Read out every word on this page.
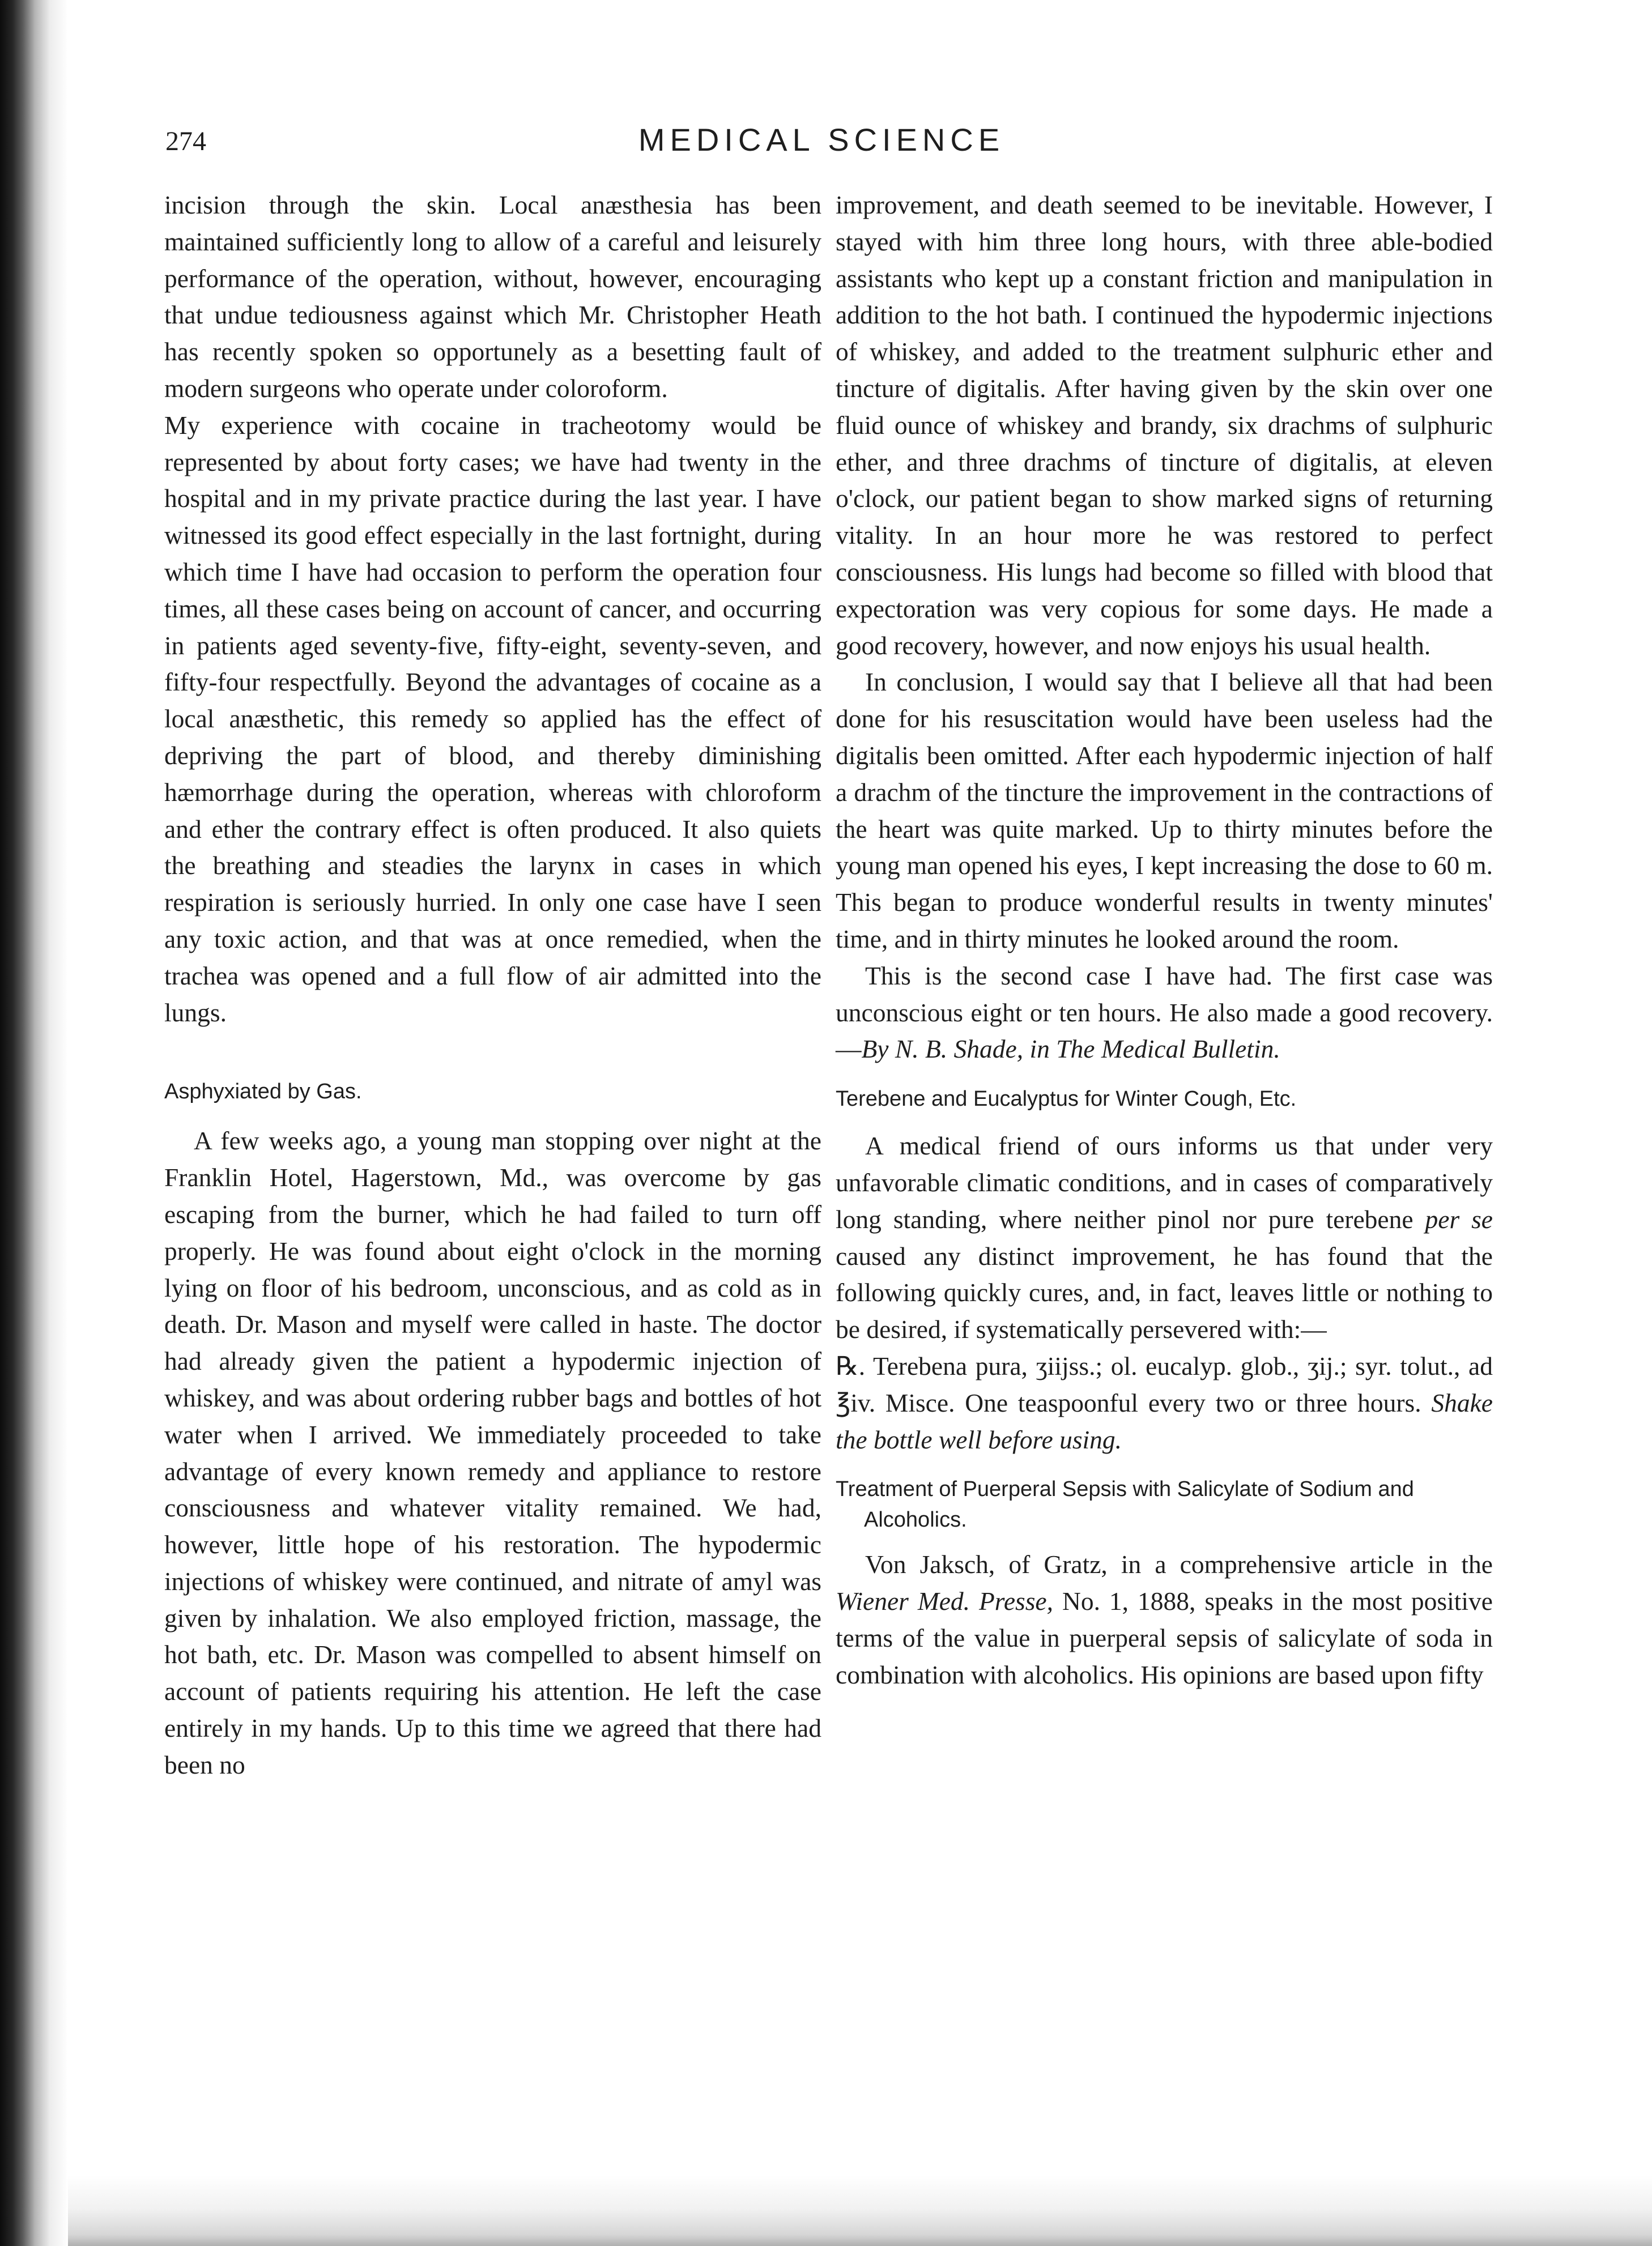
274	MEDICAL SCIENCE

incision through the skin. Local anæsthesia has been maintained sufficiently long to allow of a careful and leisurely performance of the operation, without, however, encouraging that undue tediousness against which Mr. Christopher Heath has recently spoken so opportunely as a besetting fault of modern surgeons who operate under coloroform.

My experience with cocaine in tracheotomy would be represented by about forty cases; we have had twenty in the hospital and in my private practice during the last year. I have witnessed its good effect especially in the last fortnight, during which time I have had occasion to perform the operation four times, all these cases being on account of cancer, and occurring in patients aged seventy-five, fifty-eight, seventy-seven, and fifty-four respectfully. Beyond the advantages of cocaine as a local anæsthetic, this remedy so applied has the effect of depriving the part of blood, and thereby diminishing hæmorrhage during the operation, whereas with chloroform and ether the contrary effect is often produced. It also quiets the breathing and steadies the larynx in cases in which respiration is seriously hurried. In only one case have I seen any toxic action, and that was at once remedied, when the trachea was opened and a full flow of air admitted into the lungs.

Asphyxiated by Gas.

A few weeks ago, a young man stopping over night at the Franklin Hotel, Hagerstown, Md., was overcome by gas escaping from the burner, which he had failed to turn off properly. He was found about eight o'clock in the morning lying on floor of his bedroom, unconscious, and as cold as in death. Dr. Mason and myself were called in haste. The doctor had already given the patient a hypodermic injection of whiskey, and was about ordering rubber bags and bottles of hot water when I arrived. We immediately proceeded to take advantage of every known remedy and appliance to restore consciousness and whatever vitality remained. We had, however, little hope of his restoration. The hypodermic injections of whiskey were continued, and nitrate of amyl was given by inhalation. We also employed friction, massage, the hot bath, etc. Dr. Mason was compelled to absent himself on account of patients requiring his attention. He left the case entirely in my hands. Up to this time we agreed that there had been no

improvement, and death seemed to be inevitable. However, I stayed with him three long hours, with three able-bodied assistants who kept up a constant friction and manipulation in addition to the hot bath. I continued the hypodermic injections of whiskey, and added to the treatment sulphuric ether and tincture of digitalis. After having given by the skin over one fluid ounce of whiskey and brandy, six drachms of sulphuric ether, and three drachms of tincture of digitalis, at eleven o'clock, our patient began to show marked signs of returning vitality. In an hour more he was restored to perfect consciousness. His lungs had become so filled with blood that expectoration was very copious for some days. He made a good recovery, however, and now enjoys his usual health.

In conclusion, I would say that I believe all that had been done for his resuscitation would have been useless had the digitalis been omitted. After each hypodermic injection of half a drachm of the tincture the improvement in the contractions of the heart was quite marked. Up to thirty minutes before the young man opened his eyes, I kept increasing the dose to 60 m. This began to produce wonderful results in twenty minutes' time, and in thirty minutes he looked around the room.

This is the second case I have had. The first case was unconscious eight or ten hours. He also made a good recovery.—By N. B. Shade, in The Medical Bulletin.

Terebene and Eucalyptus for Winter Cough, Etc.

A medical friend of ours informs us that under very unfavorable climatic conditions, and in cases of comparatively long standing, where neither pinol nor pure terebene per se caused any distinct improvement, he has found that the following quickly cures, and, in fact, leaves little or nothing to be desired, if systematically persevered with:—

℞. Terebena pura, ʒiijss.; ol. eucalyp. glob., ʒij.; syr. tolut., ad ℥iv. Misce. One teaspoonful every two or three hours. Shake the bottle well before using.

Treatment of Puerperal Sepsis with Salicylate of Sodium and Alcoholics.

Von Jaksch, of Gratz, in a comprehensive article in the Wiener Med. Presse, No. 1, 1888, speaks in the most positive terms of the value in puerperal sepsis of salicylate of soda in combination with alcoholics. His opinions are based upon fifty
